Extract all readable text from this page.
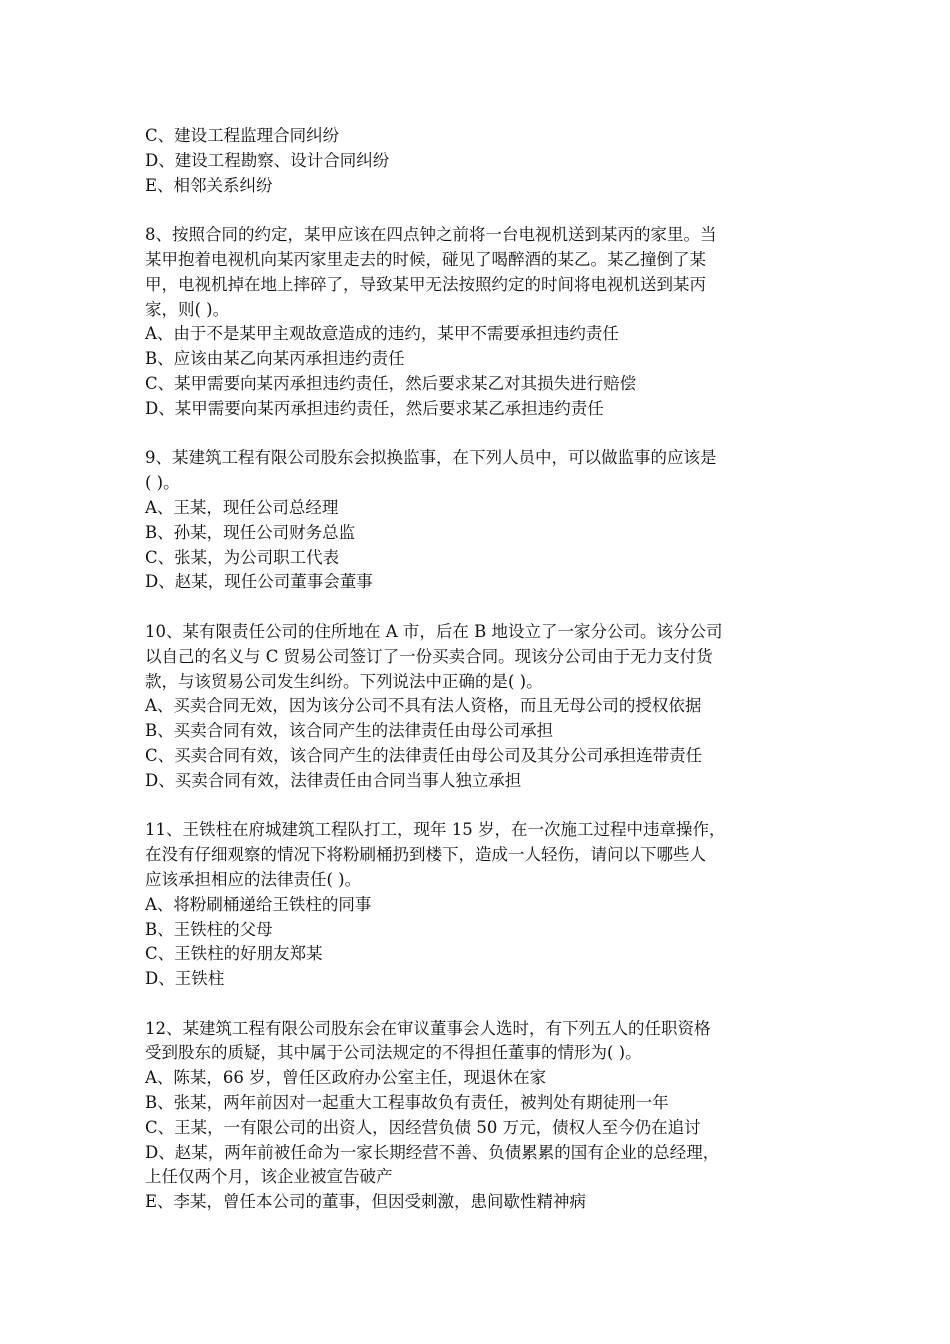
C、建设工程监理合同纠纷

D、建设工程勘察、设计合同纠纷

E、相邻关系纠纷

8、按照合同的约定，某甲应该在四点钟之前将一台电视机送到某丙的家里。当

某甲抱着电视机向某丙家里走去的时候，碰见了喝醉酒的某乙。某乙撞倒了某

甲，电视机掉在地上摔碎了，导致某甲无法按照约定的时间将电视机送到某丙

家，则( )。

A、由于不是某甲主观故意造成的违约，某甲不需要承担违约责任

B、应该由某乙向某丙承担违约责任

C、某甲需要向某丙承担违约责任，然后要求某乙对其损失进行赔偿

D、某甲需要向某丙承担违约责任，然后要求某乙承担违约责任

9、某建筑工程有限公司股东会拟换监事，在下列人员中，可以做监事的应该是

( )。

A、王某，现任公司总经理

B、孙某，现任公司财务总监

C、张某，为公司职工代表

D、赵某，现任公司董事会董事

10、某有限责任公司的住所地在 A 市，后在 B 地设立了一家分公司。该分公司

以自己的名义与 C 贸易公司签订了一份买卖合同。现该分公司由于无力支付货

款，与该贸易公司发生纠纷。下列说法中正确的是( )。

A、买卖合同无效，因为该分公司不具有法人资格，而且无母公司的授权依据

B、买卖合同有效，该合同产生的法律责任由母公司承担

C、买卖合同有效，该合同产生的法律责任由母公司及其分公司承担连带责任

D、买卖合同有效，法律责任由合同当事人独立承担

11、王铁柱在府城建筑工程队打工，现年 15 岁，在一次施工过程中违章操作，

在没有仔细观察的情况下将粉刷桶扔到楼下，造成一人轻伤，请问以下哪些人

应该承担相应的法律责任( )。

A、将粉刷桶递给王铁柱的同事

B、王铁柱的父母

C、王铁柱的好朋友郑某

D、王铁柱

12、某建筑工程有限公司股东会在审议董事会人选时，有下列五人的任职资格

受到股东的质疑，其中属于公司法规定的不得担任董事的情形为( )。

A、陈某，66 岁，曾任区政府办公室主任，现退休在家

B、张某，两年前因对一起重大工程事故负有责任，被判处有期徒刑一年

C、王某，一有限公司的出资人，因经营负债 50 万元，债权人至今仍在追讨

D、赵某，两年前被任命为一家长期经营不善、负债累累的国有企业的总经理，

上任仅两个月，该企业被宣告破产

E、李某，曾任本公司的董事，但因受刺激，患间歇性精神病
